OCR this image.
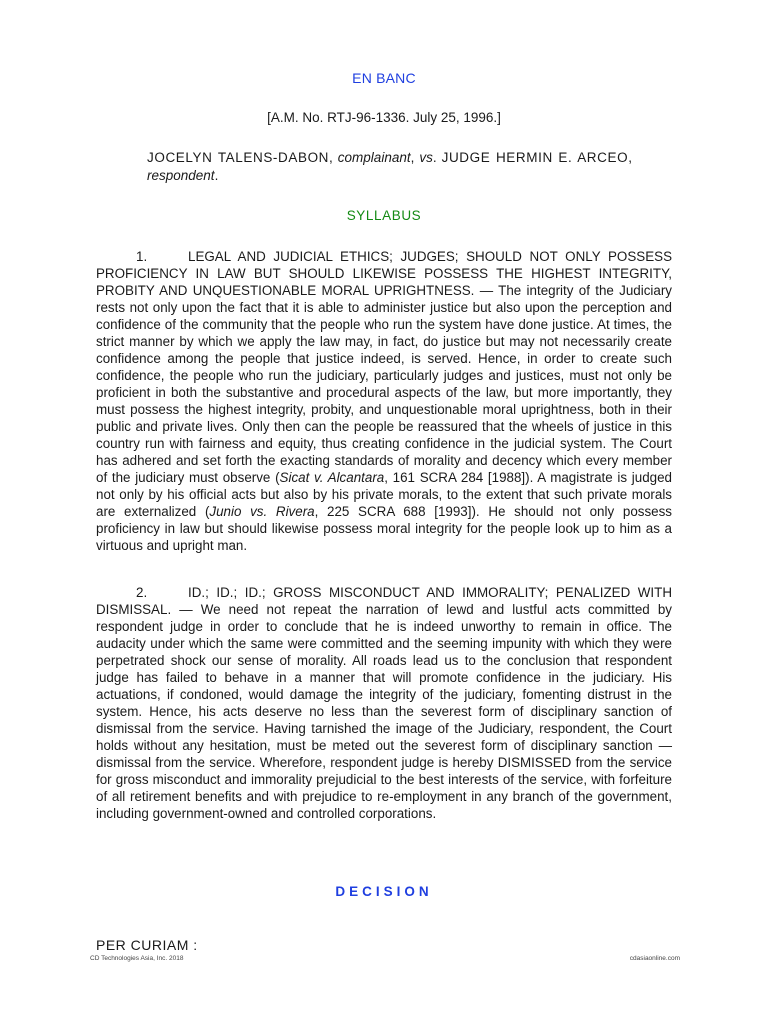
EN BANC
[A.M. No. RTJ-96-1336. July 25, 1996.]
JOCELYN TALENS-DABON, complainant, vs. JUDGE HERMIN E. ARCEO, respondent.
SYLLABUS
1.	LEGAL AND JUDICIAL ETHICS; JUDGES; SHOULD NOT ONLY POSSESS PROFICIENCY IN LAW BUT SHOULD LIKEWISE POSSESS THE HIGHEST INTEGRITY, PROBITY AND UNQUESTIONABLE MORAL UPRIGHTNESS. — The integrity of the Judiciary rests not only upon the fact that it is able to administer justice but also upon the perception and confidence of the community that the people who run the system have done justice. At times, the strict manner by which we apply the law may, in fact, do justice but may not necessarily create confidence among the people that justice indeed, is served. Hence, in order to create such confidence, the people who run the judiciary, particularly judges and justices, must not only be proficient in both the substantive and procedural aspects of the law, but more importantly, they must possess the highest integrity, probity, and unquestionable moral uprightness, both in their public and private lives. Only then can the people be reassured that the wheels of justice in this country run with fairness and equity, thus creating confidence in the judicial system. The Court has adhered and set forth the exacting standards of morality and decency which every member of the judiciary must observe (Sicat v. Alcantara, 161 SCRA 284 [1988]). A magistrate is judged not only by his official acts but also by his private morals, to the extent that such private morals are externalized (Junio vs. Rivera, 225 SCRA 688 [1993]). He should not only possess proficiency in law but should likewise possess moral integrity for the people look up to him as a virtuous and upright man.
2.	ID.; ID.; ID.; GROSS MISCONDUCT AND IMMORALITY; PENALIZED WITH DISMISSAL. — We need not repeat the narration of lewd and lustful acts committed by respondent judge in order to conclude that he is indeed unworthy to remain in office. The audacity under which the same were committed and the seeming impunity with which they were perpetrated shock our sense of morality. All roads lead us to the conclusion that respondent judge has failed to behave in a manner that will promote confidence in the judiciary. His actuations, if condoned, would damage the integrity of the judiciary, fomenting distrust in the system. Hence, his acts deserve no less than the severest form of disciplinary sanction of dismissal from the service. Having tarnished the image of the Judiciary, respondent, the Court holds without any hesitation, must be meted out the severest form of disciplinary sanction — dismissal from the service. Wherefore, respondent judge is hereby DISMISSED from the service for gross misconduct and immorality prejudicial to the best interests of the service, with forfeiture of all retirement benefits and with prejudice to re-employment in any branch of the government, including government-owned and controlled corporations.
DECISION
PER CURIAM :
CD Technologies Asia, Inc. 2018	cdasiaonline.com
